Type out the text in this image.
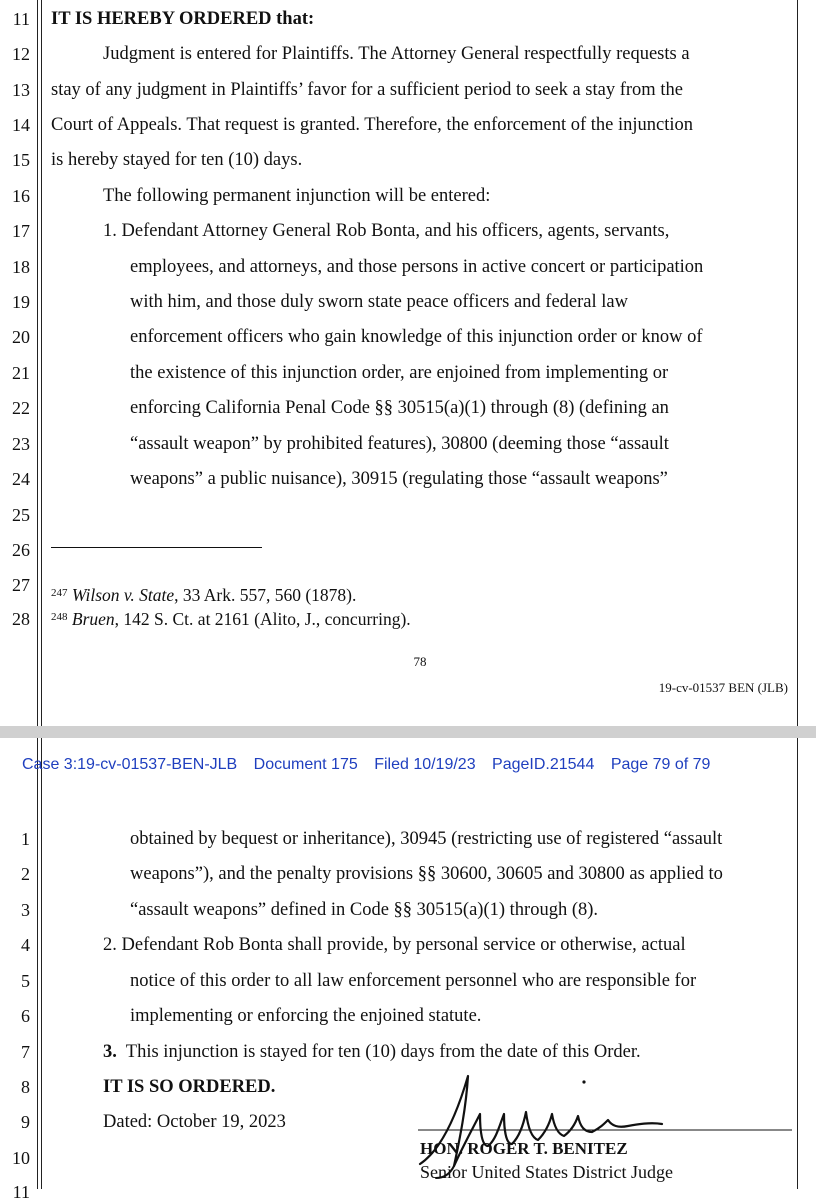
11
12
13
14
15
16
17
18
19
20
21
22
23
24
25
26
27
28
IT IS HEREBY ORDERED that:
Judgment is entered for Plaintiffs. The Attorney General respectfully requests a
stay of any judgment in Plaintiffs’ favor for a sufficient period to seek a stay from the
Court of Appeals. That request is granted. Therefore, the enforcement of the injunction
is hereby stayed for ten (10) days.
The following permanent injunction will be entered:
1. Defendant Attorney General Rob Bonta, and his officers, agents, servants,
employees, and attorneys, and those persons in active concert or participation
with him, and those duly sworn state peace officers and federal law
enforcement officers who gain knowledge of this injunction order or know of
the existence of this injunction order, are enjoined from implementing or
enforcing California Penal Code §§ 30515(a)(1) through (8) (defining an
“assault weapon” by prohibited features), 30800 (deeming those “assault
weapons” a public nuisance), 30915 (regulating those “assault weapons”
$^{247}$ Wilson v. State, 33 Ark. 557, 560 (1878).
$^{248}$ Bruen, 142 S. Ct. at 2161 (Alito, J., concurring).
78
19-cv-01537 BEN (JLB)
Case 3:19-cv-01537-BEN-JLB Document 175 Filed 10/19/23 PageID.21544 Page 79 of 79
1
2
3
4
5
6
7
8
9
10
11
obtained by bequest or inheritance), 30945 (restricting use of registered “assault
weapons”), and the penalty provisions §§ 30600, 30605 and 30800 as applied to
“assault weapons” defined in Code §§ 30515(a)(1) through (8).
2. Defendant Rob Bonta shall provide, by personal service or otherwise, actual
notice of this order to all law enforcement personnel who are responsible for
implementing or enforcing the enjoined statute.
3. This injunction is stayed for ten (10) days from the date of this Order.
IT IS SO ORDERED.
Dated: October 19, 2023
HON. ROGER T. BENITEZ
Senior United States District Judge
